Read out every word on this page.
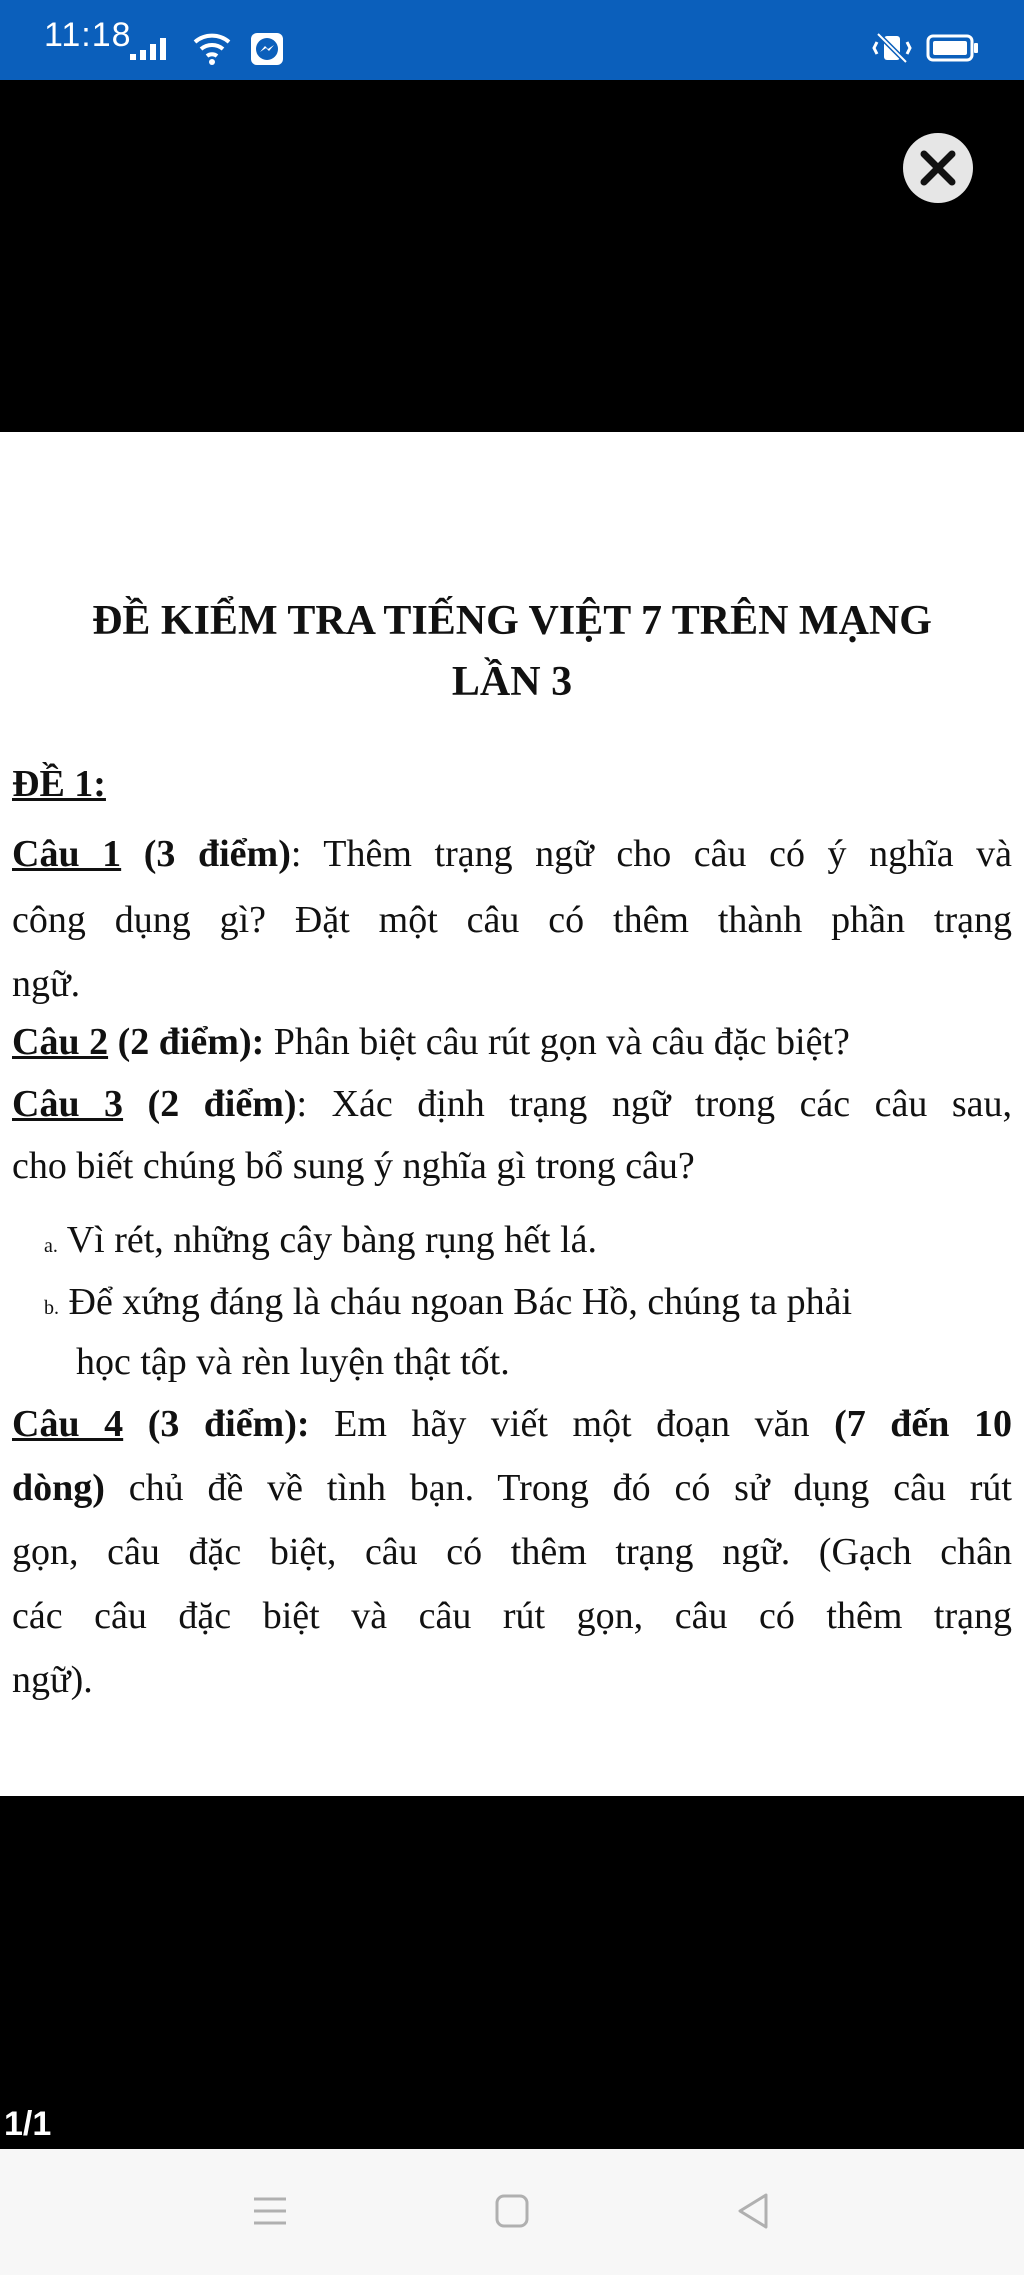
11:18
ĐỀ KIỂM TRA TIẾNG VIỆT 7 TRÊN MẠNG
LẦN 3
ĐỀ 1:
Câu 1 (3 điểm): Thêm trạng ngữ cho câu có ý nghĩa và
công dụng gì? Đặt một câu có thêm thành phần trạng
ngữ.
Câu 2 (2 điểm): Phân biệt câu rút gọn và câu đặc biệt?
Câu 3 (2 điểm): Xác định trạng ngữ trong các câu sau,
cho biết chúng bổ sung ý nghĩa gì trong câu?
a. Vì rét, những cây bàng rụng hết lá.
b. Để xứng đáng là cháu ngoan Bác Hồ, chúng ta phải
học tập và rèn luyện thật tốt.
Câu 4 (3 điểm): Em hãy viết một đoạn văn (7 đến 10
dòng) chủ đề về tình bạn. Trong đó có sử dụng câu rút
gọn, câu đặc biệt, câu có thêm trạng ngữ. (Gạch chân
các câu đặc biệt và câu rút gọn, câu có thêm trạng
ngữ).
1/1
